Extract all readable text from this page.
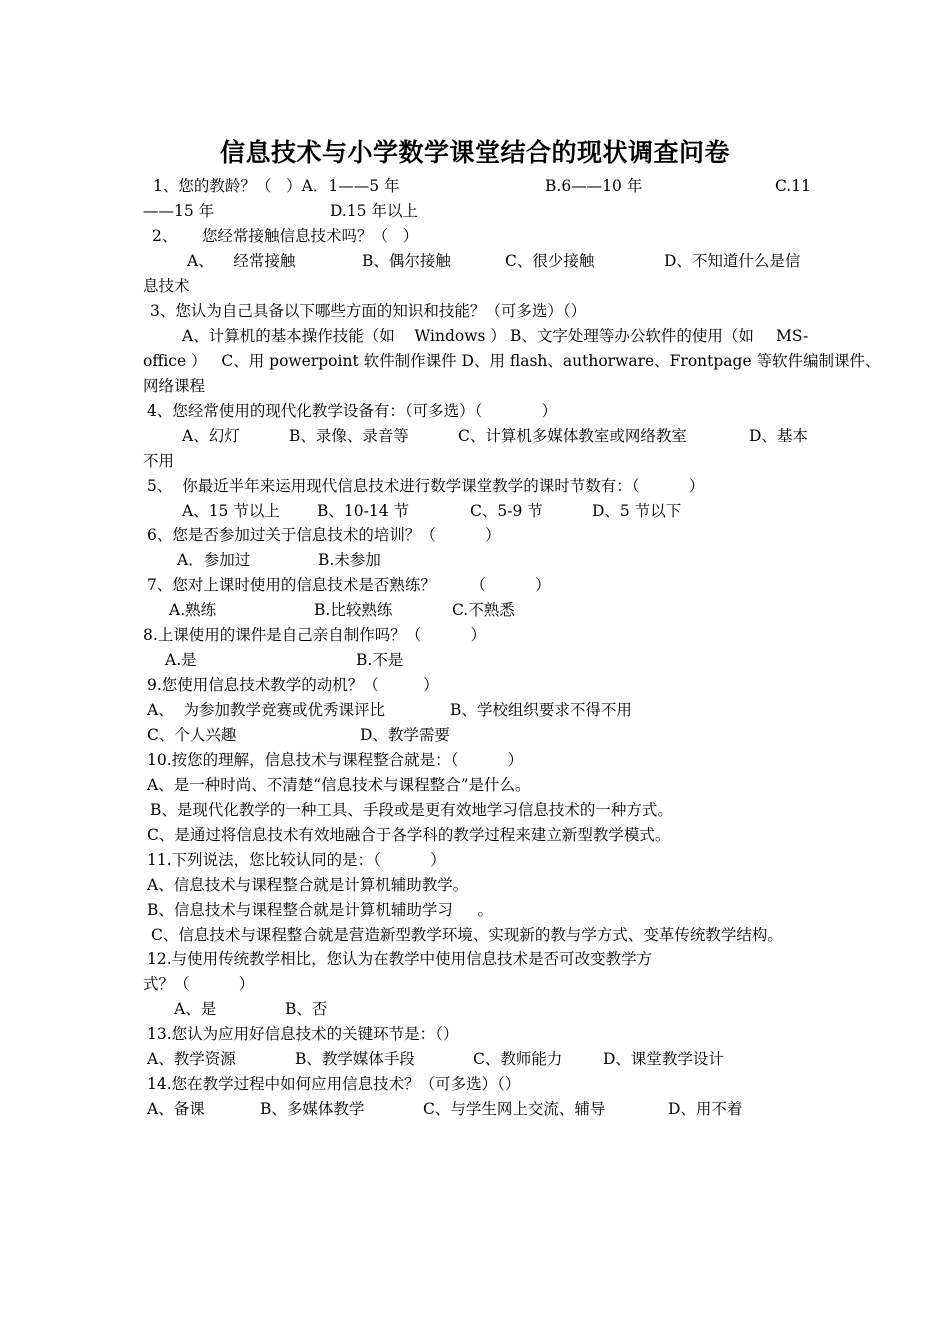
信息技术与小学数学课堂结合的现状调查问卷
1、您的教龄？（   ）A．1——5 年	B.6——10 年	C.11
——15 年	D.15 年以上
2、     您经常接触信息技术吗？（   ）
A、    经常接触	B、偶尔接触	C、很少接触	D、不知道什么是信
息技术
3、您认为自己具备以下哪些方面的知识和技能？（可多选）（）
A、计算机的基本操作技能（如    Windows ） B、文字处理等办公软件的使用（如 MS-
office ）   C、用 powerpoint 软件制作课件 D、用 flash、authorware、Frontpage 等软件编制课件、
网络课程
4、您经常使用的现代化教学设备有：（可多选）（            ）
A、幻灯	B、录像、录音等	C、计算机多媒体教室或网络教室	D、基本
不用
5、  你最近半年来运用现代信息技术进行数学课堂教学的课时节数有：（          ）
A、15 节以上 B、10-14 节	C、5-9 节	D、5 节以下
6、您是否参加过关于信息技术的培训？（          ）
A．参加过	B.未参加
7、您对上课时使用的信息技术是否熟练？       （          ）
A.熟练	B.比较熟练	C.不熟悉
8.上课使用的课件是自己亲自制作吗？（          ）
A.是	B.不是
9.您使用信息技术教学的动机？（         ）
A、  为参加教学竞赛或优秀课评比	B、学校组织要求不得不用
C、个人兴趣	D、教学需要
10.按您的理解，信息技术与课程整合就是：（          ）
A、是一种时尚、不清楚“信息技术与课程整合”是什么。
B、是现代化教学的一种工具、手段或是更有效地学习信息技术的一种方式。
C、是通过将信息技术有效地融合于各学科的教学过程来建立新型教学模式。
11.下列说法，您比较认同的是：（          ）
A、信息技术与课程整合就是计算机辅助教学。
B、信息技术与课程整合就是计算机辅助学习     。
C、信息技术与课程整合就是营造新型教学环境、实现新的教与学方式、变革传统教学结构。
12.与使用传统教学相比，您认为在教学中使用信息技术是否可改变教学方
式？（          ）
A、是	B、否
13.您认为应用好信息技术的关键环节是：（）
A、教学资源	B、教学媒体手段	C、教师能力	D、课堂教学设计
14.您在教学过程中如何应用信息技术？（可多选）（）
A、备课	B、多媒体教学	C、与学生网上交流、辅导	D、用不着
